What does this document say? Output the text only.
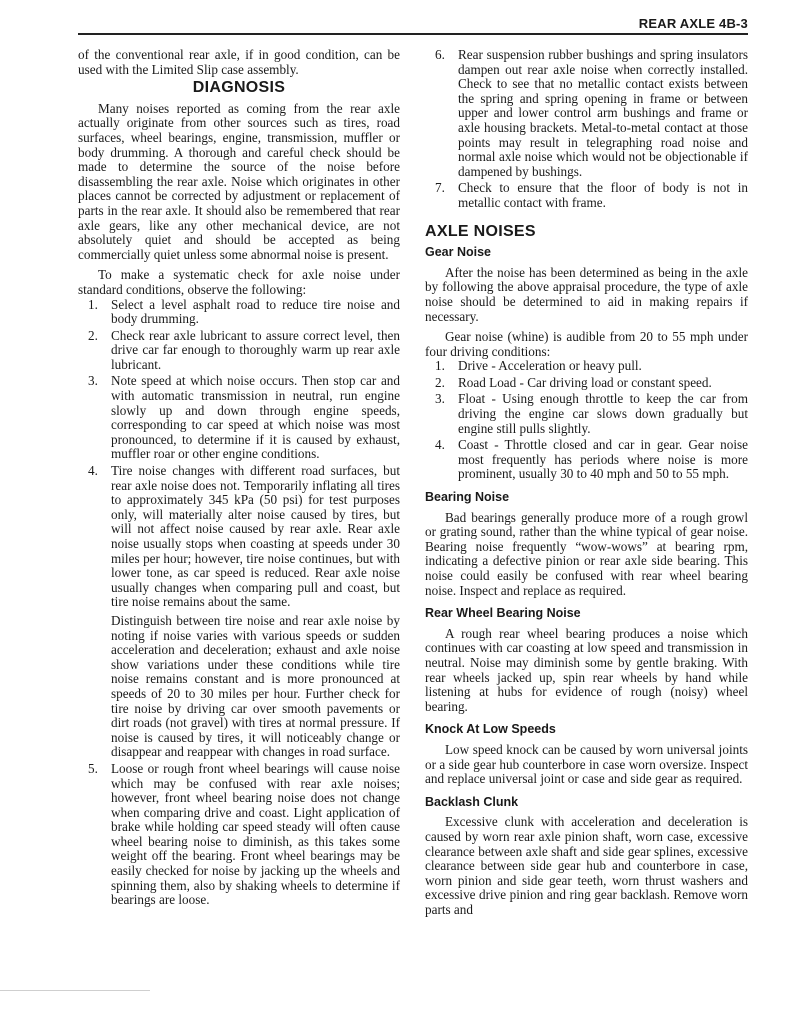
REAR AXLE 4B-3

of the conventional rear axle, if in good condition, can be used with the Limited Slip case assembly.

DIAGNOSIS

Many noises reported as coming from the rear axle actually originate from other sources such as tires, road surfaces, wheel bearings, engine, transmission, muffler or body drumming. A thorough and careful check should be made to determine the source of the noise before disassembling the rear axle. Noise which originates in other places cannot be corrected by adjustment or replacement of parts in the rear axle. It should also be remembered that rear axle gears, like any other mechanical device, are not absolutely quiet and should be accepted as being commercially quiet unless some abnormal noise is present.

To make a systematic check for axle noise under standard conditions, observe the following:

1. Select a level asphalt road to reduce tire noise and body drumming.
2. Check rear axle lubricant to assure correct level, then drive car far enough to thoroughly warm up rear axle lubricant.
3. Note speed at which noise occurs. Then stop car and with automatic transmission in neutral, run engine slowly up and down through engine speeds, corresponding to car speed at which noise was most pronounced, to determine if it is caused by exhaust, muffler roar or other engine conditions.
4. Tire noise changes with different road surfaces, but rear axle noise does not. Temporarily inflating all tires to approximately 345 kPa (50 psi) for test purposes only, will materially alter noise caused by tires, but will not affect noise caused by rear axle. Rear axle noise usually stops when coasting at speeds under 30 miles per hour; however, tire noise continues, but with lower tone, as car speed is reduced. Rear axle noise usually changes when comparing pull and coast, but tire noise remains about the same.

Distinguish between tire noise and rear axle noise by noting if noise varies with various speeds or sudden acceleration and deceleration; exhaust and axle noise show variations under these conditions while tire noise remains constant and is more pronounced at speeds of 20 to 30 miles per hour. Further check for tire noise by driving car over smooth pavements or dirt roads (not gravel) with tires at normal pressure. If noise is caused by tires, it will noticeably change or disappear and reappear with changes in road surface.

5. Loose or rough front wheel bearings will cause noise which may be confused with rear axle noises; however, front wheel bearing noise does not change when comparing drive and coast. Light application of brake while holding car speed steady will often cause wheel bearing noise to diminish, as this takes some weight off the bearing. Front wheel bearings may be easily checked for noise by jacking up the wheels and spinning them, also by shaking wheels to determine if bearings are loose.
6. Rear suspension rubber bushings and spring insulators dampen out rear axle noise when correctly installed. Check to see that no metallic contact exists between the spring and spring opening in frame or between upper and lower control arm bushings and frame or axle housing brackets. Metal-to-metal contact at those points may result in telegraphing road noise and normal axle noise which would not be objectionable if dampened by bushings.
7. Check to ensure that the floor of body is not in metallic contact with frame.
AXLE NOISES
Gear Noise

After the noise has been determined as being in the axle by following the above appraisal procedure, the type of axle noise should be determined to aid in making repairs if necessary.

Gear noise (whine) is audible from 20 to 55 mph under four driving conditions:

1. Drive - Acceleration or heavy pull.
2. Road Load - Car driving load or constant speed.
3. Float - Using enough throttle to keep the car from driving the engine car slows down gradually but engine still pulls slightly.
4. Coast - Throttle closed and car in gear. Gear noise most frequently has periods where noise is more prominent, usually 30 to 40 mph and 50 to 55 mph.
Bearing Noise

Bad bearings generally produce more of a rough growl or grating sound, rather than the whine typical of gear noise. Bearing noise frequently “wow-wows” at bearing rpm, indicating a defective pinion or rear axle side bearing. This noise could easily be confused with rear wheel bearing noise. Inspect and replace as required.

Rear Wheel Bearing Noise

A rough rear wheel bearing produces a noise which continues with car coasting at low speed and transmission in neutral. Noise may diminish some by gentle braking. With rear wheels jacked up, spin rear wheels by hand while listening at hubs for evidence of rough (noisy) wheel bearing.

Knock At Low Speeds

Low speed knock can be caused by worn universal joints or a side gear hub counterbore in case worn oversize. Inspect and replace universal joint or case and side gear as required.

Backlash Clunk

Excessive clunk with acceleration and deceleration is caused by worn rear axle pinion shaft, worn case, excessive clearance between axle shaft and side gear splines, excessive clearance between side gear hub and counterbore in case, worn pinion and side gear teeth, worn thrust washers and excessive drive pinion and ring gear backlash. Remove worn parts and
